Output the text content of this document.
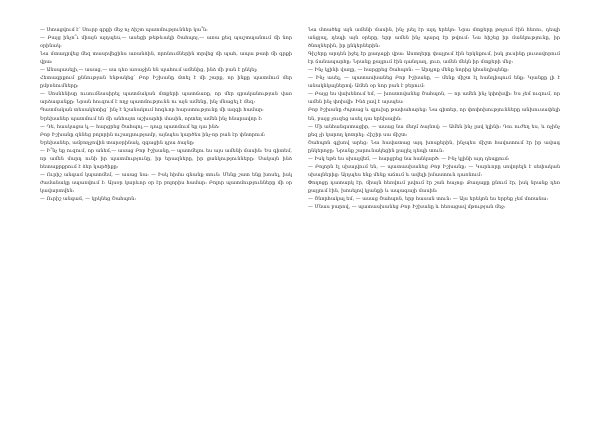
— Ստացվում է՝ Սուրբ գրքի մեջ ոչ ձիշտ պատմություններ կա՞ն։

— Բայց ինչո՞ւ միայն այդպես,— ասեցի թեթևակի Շահպոյ,— առա քեզ պաշտպանում մի նոր օրինակ։

Նա մտադրվեց մեզ տասրվեցինս առանձին, որոնումներին տրվեց մի պահ, ապա թափ մի գրքի վրա։

— Անսպասելի,— ասաց,— սա դեռ առաջին են պահում ամենից, ինձ մի բան է ընկել։

Հետագրքում քննության ենթակեց՝ Բոբ Իշխանը մտել է մի շարք, որ ինքը պատմում մեր ըմբռնումները։

— Սոսնենիսը ուսումնասիրել պատմական մտքերի պատճառը, որ մեր գրականության վառ արձագանքը։ Նրան հուզում է ողջ պատմությունն ու այն ամենը, ինչ մնացել է մեզ։

Պատմական տեսակետից՝ ինչ է նշանակում հոգևոր հարստությունը մի ազգի համար։

Երեխաներ պատմում են մի անհայտ աշխարհի մասին, որտեղ ամեն ինչ հնարավոր է։

— Դե, հասկացա կ,— հարցրեց Շահպոյ,— դուք պատմում եք դա ինձ։

Բոբ Իշխանը զննեց բոլորին ուշադրությամբ, այնպես կարծես ինչ-որ բան էր փնտրում։

Երեխաներ, ամբողջովին տարօրինակ, զգացին դրա ձայնը։

— Ի՞նչ եք ուզում, որ անեմ,— ասաց Բոբ Իշխանը,— պատմելու ես այս ամենի մասին։ Ես գիտեմ, որ ամեն մարդ ունի իր պատմությունը, իր երազները, իր ցանկությունները։ Սակայն ինձ հետաքրքրում է ձեր կարծիքը։

— Ուրիշ անգամ կպատմեմ, — ասաց նա։ — Իսկ հիմա գնանք տուն։ Մենք շատ ենք խոսել, իսկ ժամանակը սպառվում է։ Այսօր կարևոր օր էր բոլորիս համար։ Բոլոր պատմությունները մի օր կավարտվեն։

— Ուրիշ անգամ, — կրկնեց Շահպոն։

Նա մտածեց այն ամենի մասին, ինչ լսել էր այդ երեկո։ Նրա մտքերը թռչում էին հեռու, դեպի անցյալ, դեպի այն օրերը, երբ ամեն ինչ պարզ էր թվում։ Նա հիշեց իր մանկությունը, իր ծնողներին, իր ընկերներին։

Գիշերը արդեն իջել էր քաղաքի վրա։ Աստղերը փայլում էին երկնքում, իսկ լուսինը լուսավորում էր ճանապարհը։ Նրանք քայլում էին դանդաղ, լուռ, ամեն մեկն իր մտքերի մեջ։

— Ինչ կլինի վաղը, — հարցրեց Շահպոն։ — Արդյոք մենք նորից կհանդիպենք։

— Ինչ ասել, — պատասխանեց Բոբ Իշխանը, — մենք միշտ էլ հանդիպում ենք։ Կյանքը լի է անակնկալներով։ Ամեն օր նոր բան է բերում։

— Բայց ես վախենում եմ, — խոստովանեց Շահպոն, — որ ամեն ինչ կփոխվի։ Ես չեմ ուզում, որ ամեն ինչ փոխվի։ Ինձ լավ է այսպես։

Բոբ Իշխանը ժպտաց և գլուխը թափահարեց։ Նա գիտեր, որ փոփոխությունները անխուսափելի են, բայց չուզեց ասել դա երեխային։

— Մի անհանգստացիր, — ասաց նա մեղմ ձայնով։ — Ամեն ինչ լավ կլինի։ Դու ուժեղ ես, և ոչինչ քեզ չի կարող կոտրել։ Հիշիր սա միշտ։

Շահպոն գլխով արեց։ Նա հավատաց այդ խոսքերին, ինչպես միշտ հավատում էր իր ավագ ընկերոջը։ Նրանք շարունակեցին քայլել դեպի տուն։

— Իսկ եթե ես սխալվեմ, — հարցրեց նա հանկարծ։ — Ինչ կլինի այդ դեպքում։

— Բոլորն էլ սխալվում են, — պատասխանեց Բոբ Իշխանը։ — Կարևորը սովորելն է սեփական սխալներից։ Այդպես ենք մենք աճում և ավելի իմաստուն դառնում։

Փողոցը դատարկ էր, միայն հեռվում լսվում էր շան հաչոց։ Քաղաքը քնում էր, իսկ նրանք դեռ քայլում էին, խոսելով կյանքի և ապագայի մասին։

— Շնորհակալ եմ, — ասաց Շահպոն, երբ հասան տուն։ — Այս երեկոն ես երբեք չեմ մոռանա։

— Մնաս բարով, — պատասխանեց Բոբ Իշխանը և հեռացավ մթության մեջ։
